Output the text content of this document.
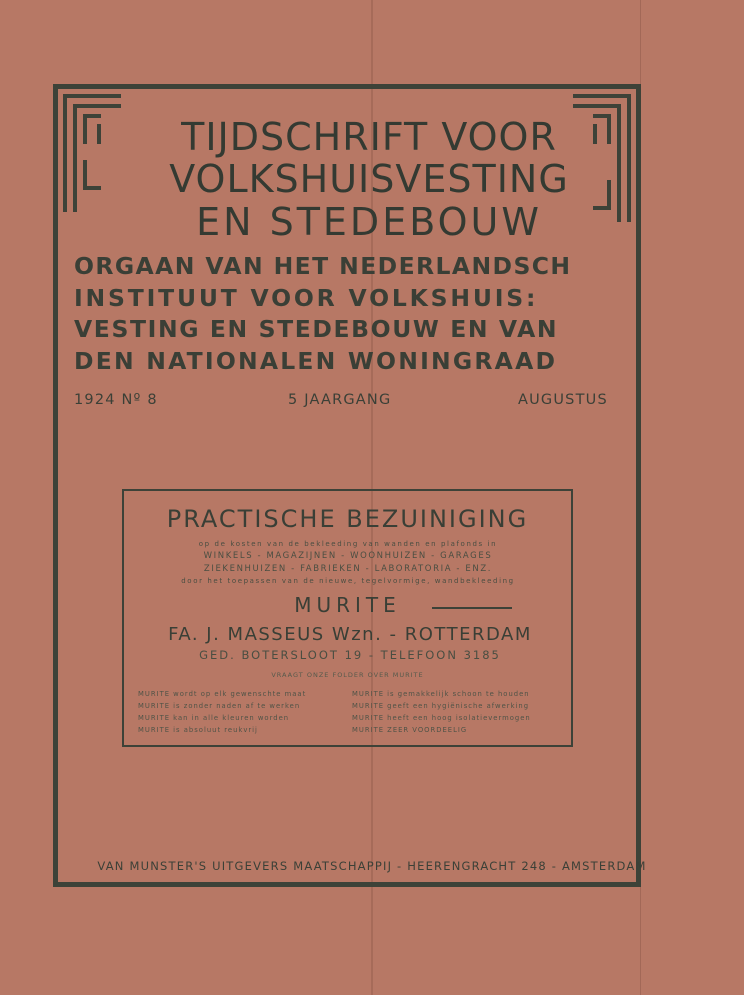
TIJDSCHRIFT VOOR
VOLKSHUISVESTING
EN STEDEBOUW
ORGAAN VAN HET NEDERLANDSCH
INSTITUUT VOOR VOLKSHUIS:
VESTING EN STEDEBOUW EN VAN
DEN NATIONALEN WONINGRAAD
1924 Nº 8	5 JAARGANG	AUGUSTUS
PRACTISCHE BEZUINIGING
op de kosten van de bekleeding van wanden en plafonds in
WINKELS - MAGAZIJNEN - WOONHUIZEN - GARAGES
ZIEKENHUIZEN - FABRIEKEN - LABORATORIA - ENZ.
door het toepassen van de nieuwe, tegelvormige, wandbekleeding
MURITE
FA. J. MASSEUS Wzn. - ROTTERDAM
GED. BOTERSLOOT 19 - TELEFOON 3185
VRAAGT ONZE FOLDER OVER MURITE
MURITE wordt op elk gewenschte maat
MURITE is zonder naden af te werken
MURITE kan in alle kleuren worden
MURITE is absoluut reukvrij
MURITE is gemakkelijk schoon te houden
MURITE geeft een hygiënische afwerking
MURITE heeft een hoog isolatievermogen
MURITE ZEER VOORDEELIG
VAN MUNSTER'S UITGEVERS MAATSCHAPPIJ - HEERENGRACHT 248 - AMSTERDAM
